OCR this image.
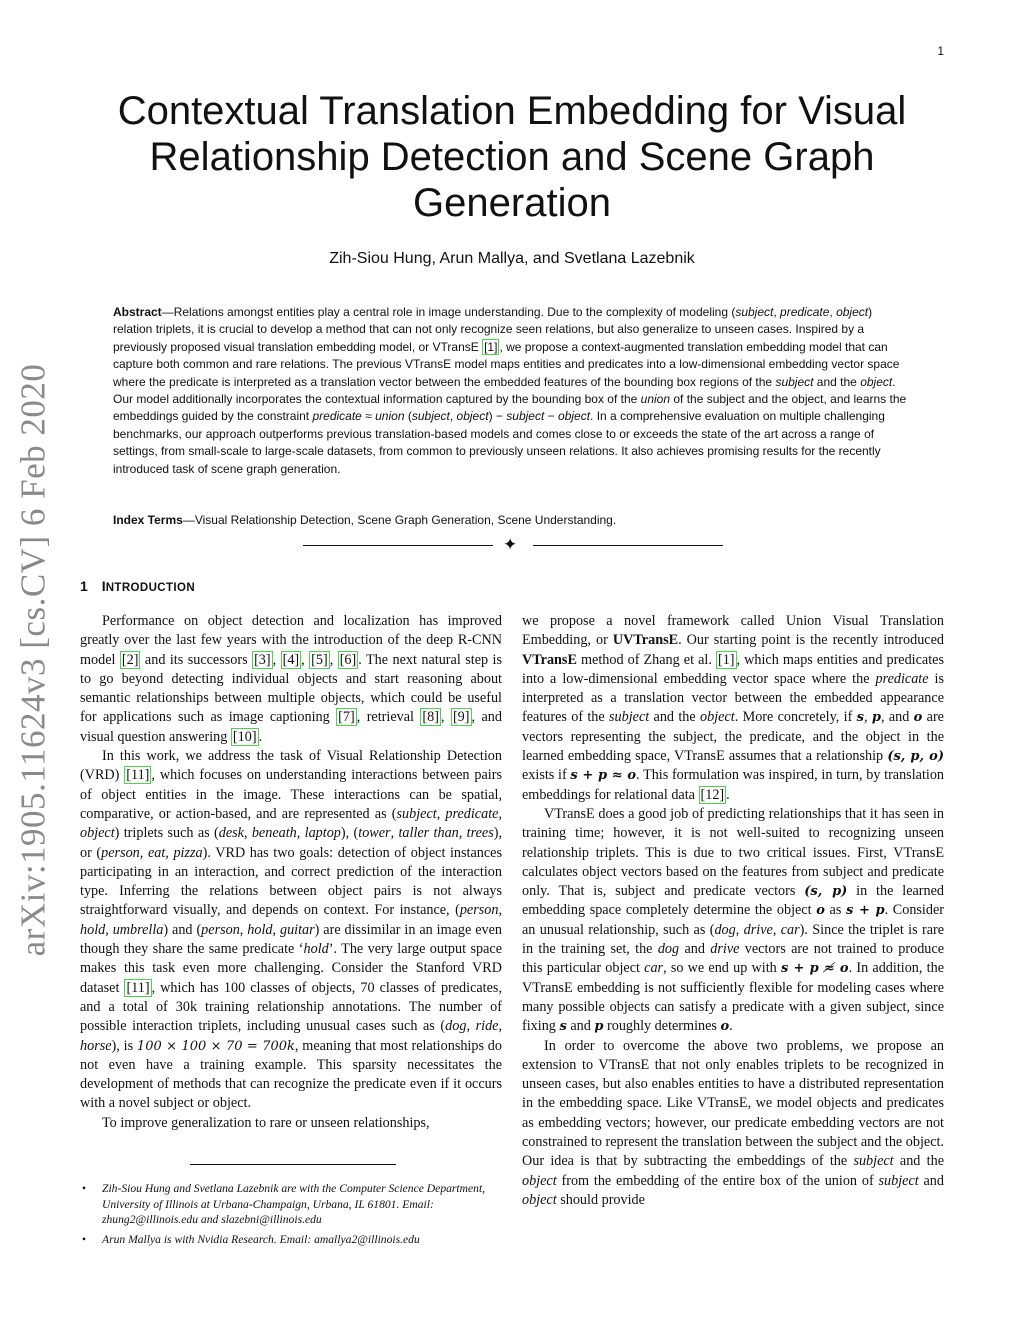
1
arXiv:1905.11624v3 [cs.CV] 6 Feb 2020
Contextual Translation Embedding for Visual Relationship Detection and Scene Graph Generation
Zih-Siou Hung, Arun Mallya, and Svetlana Lazebnik
Abstract—Relations amongst entities play a central role in image understanding. Due to the complexity of modeling (subject, predicate, object) relation triplets, it is crucial to develop a method that can not only recognize seen relations, but also generalize to unseen cases. Inspired by a previously proposed visual translation embedding model, or VTransE [1] , we propose a context-augmented translation embedding model that can capture both common and rare relations. The previous VTransE model maps entities and predicates into a low-dimensional embedding vector space where the predicate is interpreted as a translation vector between the embedded features of the bounding box regions of the subject and the object. Our model additionally incorporates the contextual information captured by the bounding box of the union of the subject and the object, and learns the embeddings guided by the constraint predicate ≈ union (subject, object) − subject − object. In a comprehensive evaluation on multiple challenging benchmarks, our approach outperforms previous translation-based models and comes close to or exceeds the state of the art across a range of settings, from small-scale to large-scale datasets, from common to previously unseen relations. It also achieves promising results for the recently introduced task of scene graph generation.
Index Terms—Visual Relationship Detection, Scene Graph Generation, Scene Understanding.
✦
1 INTRODUCTION

Performance on object detection and localization has improved greatly over the last few years with the introduction of the deep R-CNN model [2] and its successors [3] , [4] , [5] , [6] . The next natural step is to go beyond detecting individual objects and start reasoning about semantic relationships between multiple objects, which could be useful for applications such as image captioning [7] , retrieval [8] , [9] , and visual question answering [10] .

In this work, we address the task of Visual Relationship Detection (VRD) [11] , which focuses on understanding interactions between pairs of object entities in the image. These interactions can be spatial, comparative, or action-based, and are represented as (subject, predicate, object) triplets such as (desk, beneath, laptop), (tower, taller than, trees), or (person, eat, pizza). VRD has two goals: detection of object instances participating in an interaction, and correct prediction of the interaction type. Inferring the relations between object pairs is not always straightforward visually, and depends on context. For instance, (person, hold, umbrella) and (person, hold, guitar) are dissimilar in an image even though they share the same predicate ‘hold’. The very large output space makes this task even more challenging. Consider the Stanford VRD dataset [11] , which has 100 classes of objects, 70 classes of predicates, and a total of 30k training relationship annotations. The number of possible interaction triplets, including unusual cases such as (dog, ride, horse), is 100 × 100 × 70 = 700k, meaning that most relationships do not even have a training example. This sparsity necessitates the development of methods that can recognize the predicate even if it occurs with a novel subject or object.

To improve generalization to rare or unseen relationships,

we propose a novel framework called Union Visual Translation Embedding, or UVTransE. Our starting point is the recently introduced VTransE method of Zhang et al. [1] , which maps entities and predicates into a low-dimensional embedding vector space where the predicate is interpreted as a translation vector between the embedded appearance features of the subject and the object. More concretely, if s, p, and o are vectors representing the subject, the predicate, and the object in the learned embedding space, VTransE assumes that a relationship (s, p, o) exists if s + p ≈ o. This formulation was inspired, in turn, by translation embeddings for relational data [12] .

VTransE does a good job of predicting relationships that it has seen in training time; however, it is not well-suited to recognizing unseen relationship triplets. This is due to two critical issues. First, VTransE calculates object vectors based on the features from subject and predicate only. That is, subject and predicate vectors (s, p) in the learned embedding space completely determine the object o as s + p. Consider an unusual relationship, such as (dog, drive, car). Since the triplet is rare in the training set, the dog and drive vectors are not trained to produce this particular object car, so we end up with s + p ≉ o. In addition, the VTransE embedding is not sufficiently flexible for modeling cases where many possible objects can satisfy a predicate with a given subject, since fixing s and p roughly determines o.

In order to overcome the above two problems, we propose an extension to VTransE that not only enables triplets to be recognized in unseen cases, but also enables entities to have a distributed representation in the embedding space. Like VTransE, we model objects and predicates as embedding vectors; however, our predicate embedding vectors are not constrained to represent the translation between the subject and the object. Our idea is that by subtracting the embeddings of the subject and the object from the embedding of the entire box of the union of subject and object should provide

• Zih-Siou Hung and Svetlana Lazebnik are with the Computer Science Department, University of Illinois at Urbana-Champaign, Urbana, IL 61801. Email: zhung2@illinois.edu and slazebni@illinois.edu
• Arun Mallya is with Nvidia Research. Email: amallya2@illinois.edu
